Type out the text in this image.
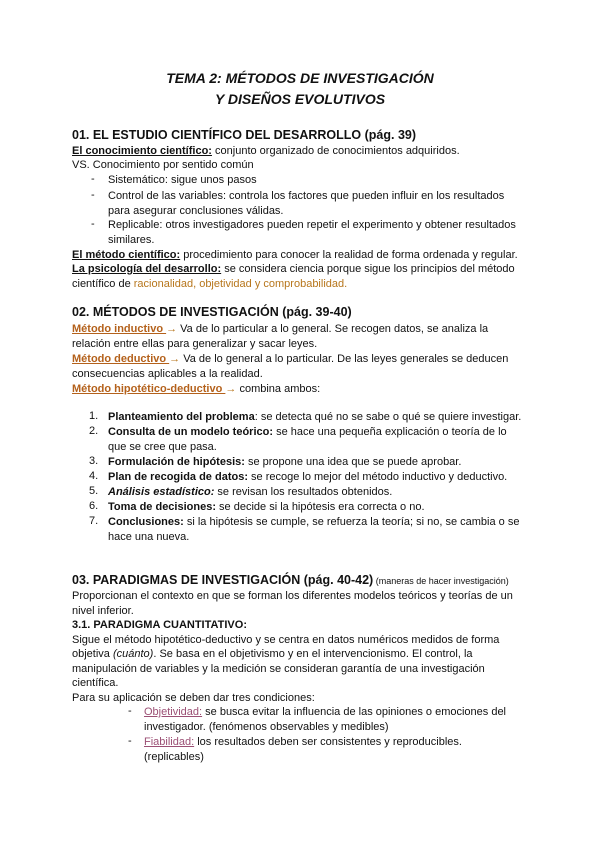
TEMA 2: MÉTODOS DE INVESTIGACIÓN
Y DISEÑOS EVOLUTIVOS
01. EL ESTUDIO CIENTÍFICO DEL DESARROLLO (pág. 39)
El conocimiento científico: conjunto organizado de conocimientos adquiridos.
VS. Conocimiento por sentido común
- Sistemático: sigue unos pasos
- Control de las variables: controla los factores que pueden influir en los resultados
para asegurar conclusiones válidas.
- Replicable: otros investigadores pueden repetir el experimento y obtener resultados
similares.
El método científico: procedimiento para conocer la realidad de forma ordenada y regular.
La psicología del desarrollo: se considera ciencia porque sigue los principios del método
científico de racionalidad, objetividad y comprobabilidad.
02. MÉTODOS DE INVESTIGACIÓN (pág. 39-40)
Método inductivo → Va de lo particular a lo general. Se recogen datos, se analiza la
relación entre ellas para generalizar y sacar leyes.
Método deductivo → Va de lo general a lo particular. De las leyes generales se deducen
consecuencias aplicables a la realidad.
Método hipotético-deductivo → combina ambos:
1. Planteamiento del problema: se detecta qué no se sabe o qué se quiere investigar.
2. Consulta de un modelo teórico: se hace una pequeña explicación o teoría de lo
que se cree que pasa.
3. Formulación de hipótesis: se propone una idea que se puede aprobar.
4. Plan de recogida de datos: se recoge lo mejor del método inductivo y deductivo.
5. Análisis estadístico: se revisan los resultados obtenidos.
6. Toma de decisiones: se decide si la hipótesis era correcta o no.
7. Conclusiones: si la hipótesis se cumple, se refuerza la teoría; si no, se cambia o se
hace una nueva.
03. PARADIGMAS DE INVESTIGACIÓN (pág. 40-42) (maneras de hacer investigación)
Proporcionan el contexto en que se forman los diferentes modelos teóricos y teorías de un
nivel inferior.
3.1. PARADIGMA CUANTITATIVO:
Sigue el método hipotético-deductivo y se centra en datos numéricos medidos de forma
objetiva (cuánto). Se basa en el objetivismo y en el intervencionismo. El control, la
manipulación de variables y la medición se consideran garantía de una investigación
científica.
Para su aplicación se deben dar tres condiciones:
- Objetividad: se busca evitar la influencia de las opiniones o emociones del
investigador. (fenómenos observables y medibles)
- Fiabilidad: los resultados deben ser consistentes y reproducibles.
(replicables)
